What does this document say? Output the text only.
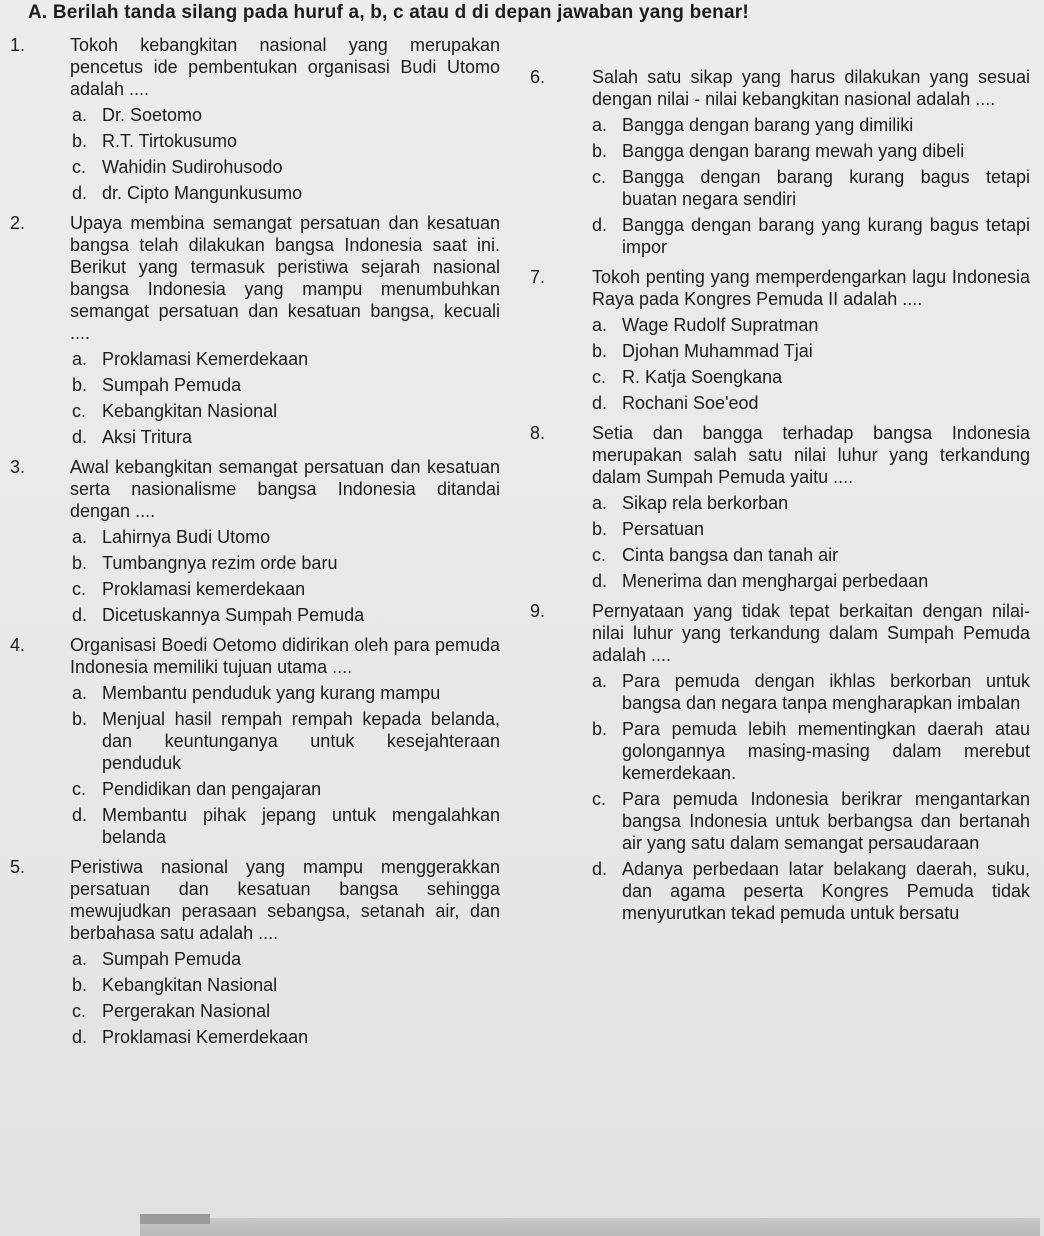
A. Berilah tanda silang pada huruf a, b, c atau d di depan jawaban yang benar!
1.	Tokoh kebangkitan nasional yang merupakan pencetus ide pembentukan organisasi Budi Utomo adalah ....
a. Dr. Soetomo
b. R.T. Tirtokusumo
c. Wahidin Sudirohusodo
d. dr. Cipto Mangunkusumo
2.	Upaya membina semangat persatuan dan kesatuan bangsa telah dilakukan bangsa Indonesia saat ini. Berikut yang termasuk peristiwa sejarah nasional bangsa Indonesia yang mampu menumbuhkan semangat persatuan dan kesatuan bangsa, kecuali ....
a. Proklamasi Kemerdekaan
b. Sumpah Pemuda
c. Kebangkitan Nasional
d. Aksi Tritura
3.	Awal kebangkitan semangat persatuan dan kesatuan serta nasionalisme bangsa Indonesia ditandai dengan ....
a. Lahirnya Budi Utomo
b. Tumbangnya rezim orde baru
c. Proklamasi kemerdekaan
d. Dicetuskannya Sumpah Pemuda
4.	Organisasi Boedi Oetomo didirikan oleh para pemuda Indonesia memiliki tujuan utama ....
a. Membantu penduduk yang kurang mampu
b. Menjual hasil rempah rempah kepada belanda, dan keuntunganya untuk kesejahteraan penduduk
c. Pendidikan dan pengajaran
d. Membantu pihak jepang untuk mengalahkan belanda
5.	Peristiwa nasional yang mampu menggerakkan persatuan dan kesatuan bangsa sehingga mewujudkan perasaan sebangsa, setanah air, dan berbahasa satu adalah ....
a. Sumpah Pemuda
b. Kebangkitan Nasional
c. Pergerakan Nasional
d. Proklamasi Kemerdekaan
6.	Salah satu sikap yang harus dilakukan yang sesuai dengan nilai - nilai kebangkitan nasional adalah ....
a. Bangga dengan barang yang dimiliki
b. Bangga dengan barang mewah yang dibeli
c. Bangga dengan barang kurang bagus tetapi buatan negara sendiri
d. Bangga dengan barang yang kurang bagus tetapi impor
7.	Tokoh penting yang memperdengarkan lagu Indonesia Raya pada Kongres Pemuda II adalah ....
a. Wage Rudolf Supratman
b. Djohan Muhammad Tjai
c. R. Katja Soengkana
d. Rochani Soe'eod
8.	Setia dan bangga terhadap bangsa Indonesia merupakan salah satu nilai luhur yang terkandung dalam Sumpah Pemuda yaitu ....
a. Sikap rela berkorban
b. Persatuan
c. Cinta bangsa dan tanah air
d. Menerima dan menghargai perbedaan
9.	Pernyataan yang tidak tepat berkaitan dengan nilai-nilai luhur yang terkandung dalam Sumpah Pemuda adalah ....
a. Para pemuda dengan ikhlas berkorban untuk bangsa dan negara tanpa mengharapkan imbalan
b. Para pemuda lebih mementingkan daerah atau golongannya masing-masing dalam merebut kemerdekaan.
c. Para pemuda Indonesia berikrar mengantarkan bangsa Indonesia untuk berbangsa dan bertanah air yang satu dalam semangat persaudaraan
d. Adanya perbedaan latar belakang daerah, suku, dan agama peserta Kongres Pemuda tidak menyurutkan tekad pemuda untuk bersatu
